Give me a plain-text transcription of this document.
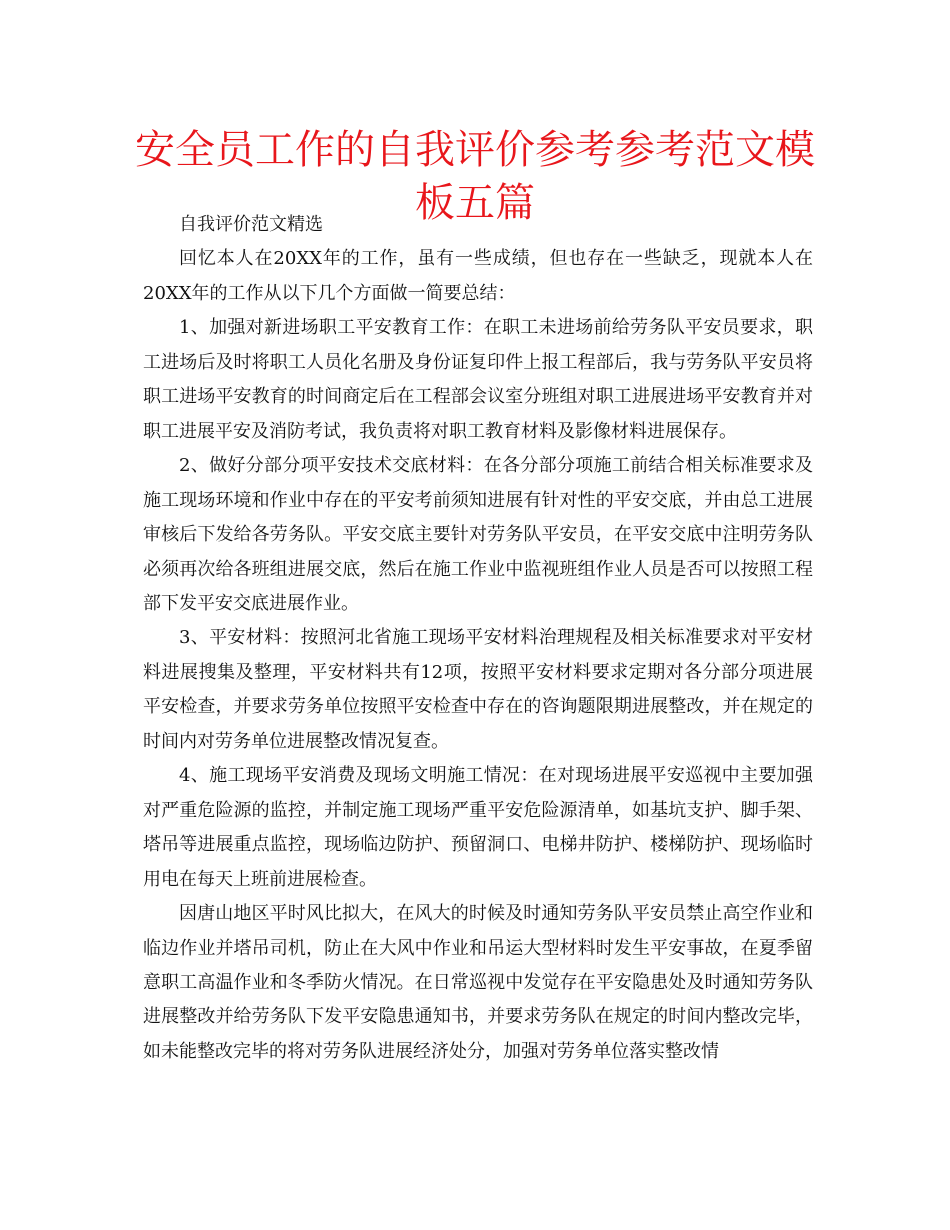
安全员工作的自我评价参考参考范文模板五篇

自我评价范文精选

回忆本人在20XX年的工作，虽有一些成绩，但也存在一些缺乏，现就本人在20XX年的工作从以下几个方面做一简要总结：

1、加强对新进场职工平安教育工作：在职工未进场前给劳务队平安员要求，职工进场后及时将职工人员化名册及身份证复印件上报工程部后，我与劳务队平安员将职工进场平安教育的时间商定后在工程部会议室分班组对职工进展进场平安教育并对职工进展平安及消防考试，我负责将对职工教育材料及影像材料进展保存。

2、做好分部分项平安技术交底材料：在各分部分项施工前结合相关标准要求及施工现场环境和作业中存在的平安考前须知进展有针对性的平安交底，并由总工进展审核后下发给各劳务队。平安交底主要针对劳务队平安员，在平安交底中注明劳务队必须再次给各班组进展交底，然后在施工作业中监视班组作业人员是否可以按照工程部下发平安交底进展作业。

3、平安材料：按照河北省施工现场平安材料治理规程及相关标准要求对平安材料进展搜集及整理，平安材料共有12项，按照平安材料要求定期对各分部分项进展平安检查，并要求劳务单位按照平安检查中存在的咨询题限期进展整改，并在规定的时间内对劳务单位进展整改情况复查。

4、施工现场平安消费及现场文明施工情况：在对现场进展平安巡视中主要加强对严重危险源的监控，并制定施工现场严重平安危险源清单，如基坑支护、脚手架、塔吊等进展重点监控，现场临边防护、预留洞口、电梯井防护、楼梯防护、现场临时用电在每天上班前进展检查。

因唐山地区平时风比拟大，在风大的时候及时通知劳务队平安员禁止高空作业和临边作业并塔吊司机，防止在大风中作业和吊运大型材料时发生平安事故，在夏季留意职工高温作业和冬季防火情况。在日常巡视中发觉存在平安隐患处及时通知劳务队进展整改并给劳务队下发平安隐患通知书，并要求劳务队在规定的时间内整改完毕，如未能整改完毕的将对劳务队进展经济处分，加强对劳务单位落实整改情
